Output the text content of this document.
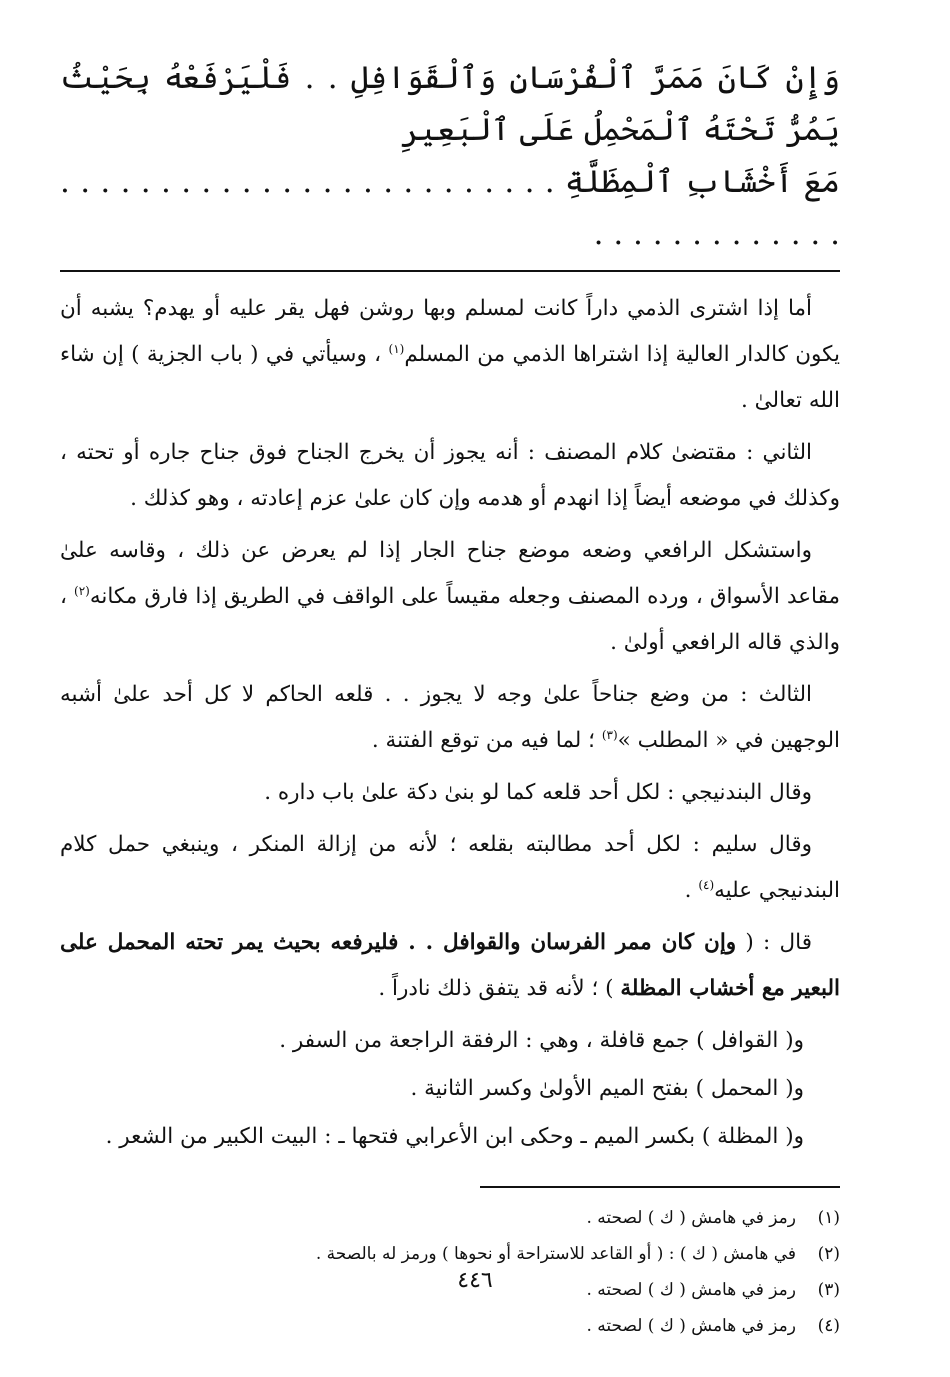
وَإِنْ كَانَ مَمَرَّ ٱلْفُرْسَانِ وَٱلْقَوَافِلِ . . فَلْيَرْفَعْهُ بِحَيْثُ يَمُرُّ تَحْتَهُ ٱلْمَحْمِلُ عَلَى ٱلْبَعِيرِ
مَعَ أَخْشَابِ ٱلْمِظَلَّةِ . . . . . . . . . . . . . . . . . . . . . . . . . . . . . . . . . . . . . .

أما إذا اشترى الذمي داراً كانت لمسلم وبها روشن فهل يقر عليه أو يهدم؟ يشبه أن يكون كالدار العالية إذا اشتراها الذمي من المسلم$^{(١)}$ ، وسيأتي في ( باب الجزية ) إن شاء الله تعالىٰ .

الثاني : مقتضىٰ كلام المصنف : أنه يجوز أن يخرج الجناح فوق جناح جاره أو تحته ، وكذلك في موضعه أيضاً إذا انهدم أو هدمه وإن كان علىٰ عزم إعادته ، وهو كذلك .

واستشكل الرافعي وضعه موضع جناح الجار إذا لم يعرض عن ذلك ، وقاسه علىٰ مقاعد الأسواق ، ورده المصنف وجعله مقيساً على الواقف في الطريق إذا فارق مكانه$^{(٢)}$ ، والذي قاله الرافعي أولىٰ .

الثالث : من وضع جناحاً علىٰ وجه لا يجوز . . قلعه الحاكم لا كل أحد علىٰ أشبه الوجهين في « المطلب »$^{(٣)}$ ؛ لما فيه من توقع الفتنة .

وقال البندنيجي : لكل أحد قلعه كما لو بنىٰ دكة علىٰ باب داره .

وقال سليم : لكل أحد مطالبته بقلعه ؛ لأنه من إزالة المنكر ، وينبغي حمل كلام البندنيجي عليه$^{(٤)}$ .

قال : ( وإن كان ممر الفرسان والقوافل . . فليرفعه بحيث يمر تحته المحمل على البعير مع أخشاب المظلة ) ؛ لأنه قد يتفق ذلك نادراً .

و( القوافل ) جمع قافلة ، وهي : الرفقة الراجعة من السفر .

و( المحمل ) بفتح الميم الأولىٰ وكسر الثانية .

و( المظلة ) بكسر الميم ـ وحكى ابن الأعرابي فتحها ـ : البيت الكبير من الشعر .

(١)رمز في هامش ( ك ) لصحته .
(٢)في هامش ( ك ) : ( أو القاعد للاستراحة أو نحوها ) ورمز له بالصحة .
(٣)رمز في هامش ( ك ) لصحته .
(٤)رمز في هامش ( ك ) لصحته .
٤٤٦
